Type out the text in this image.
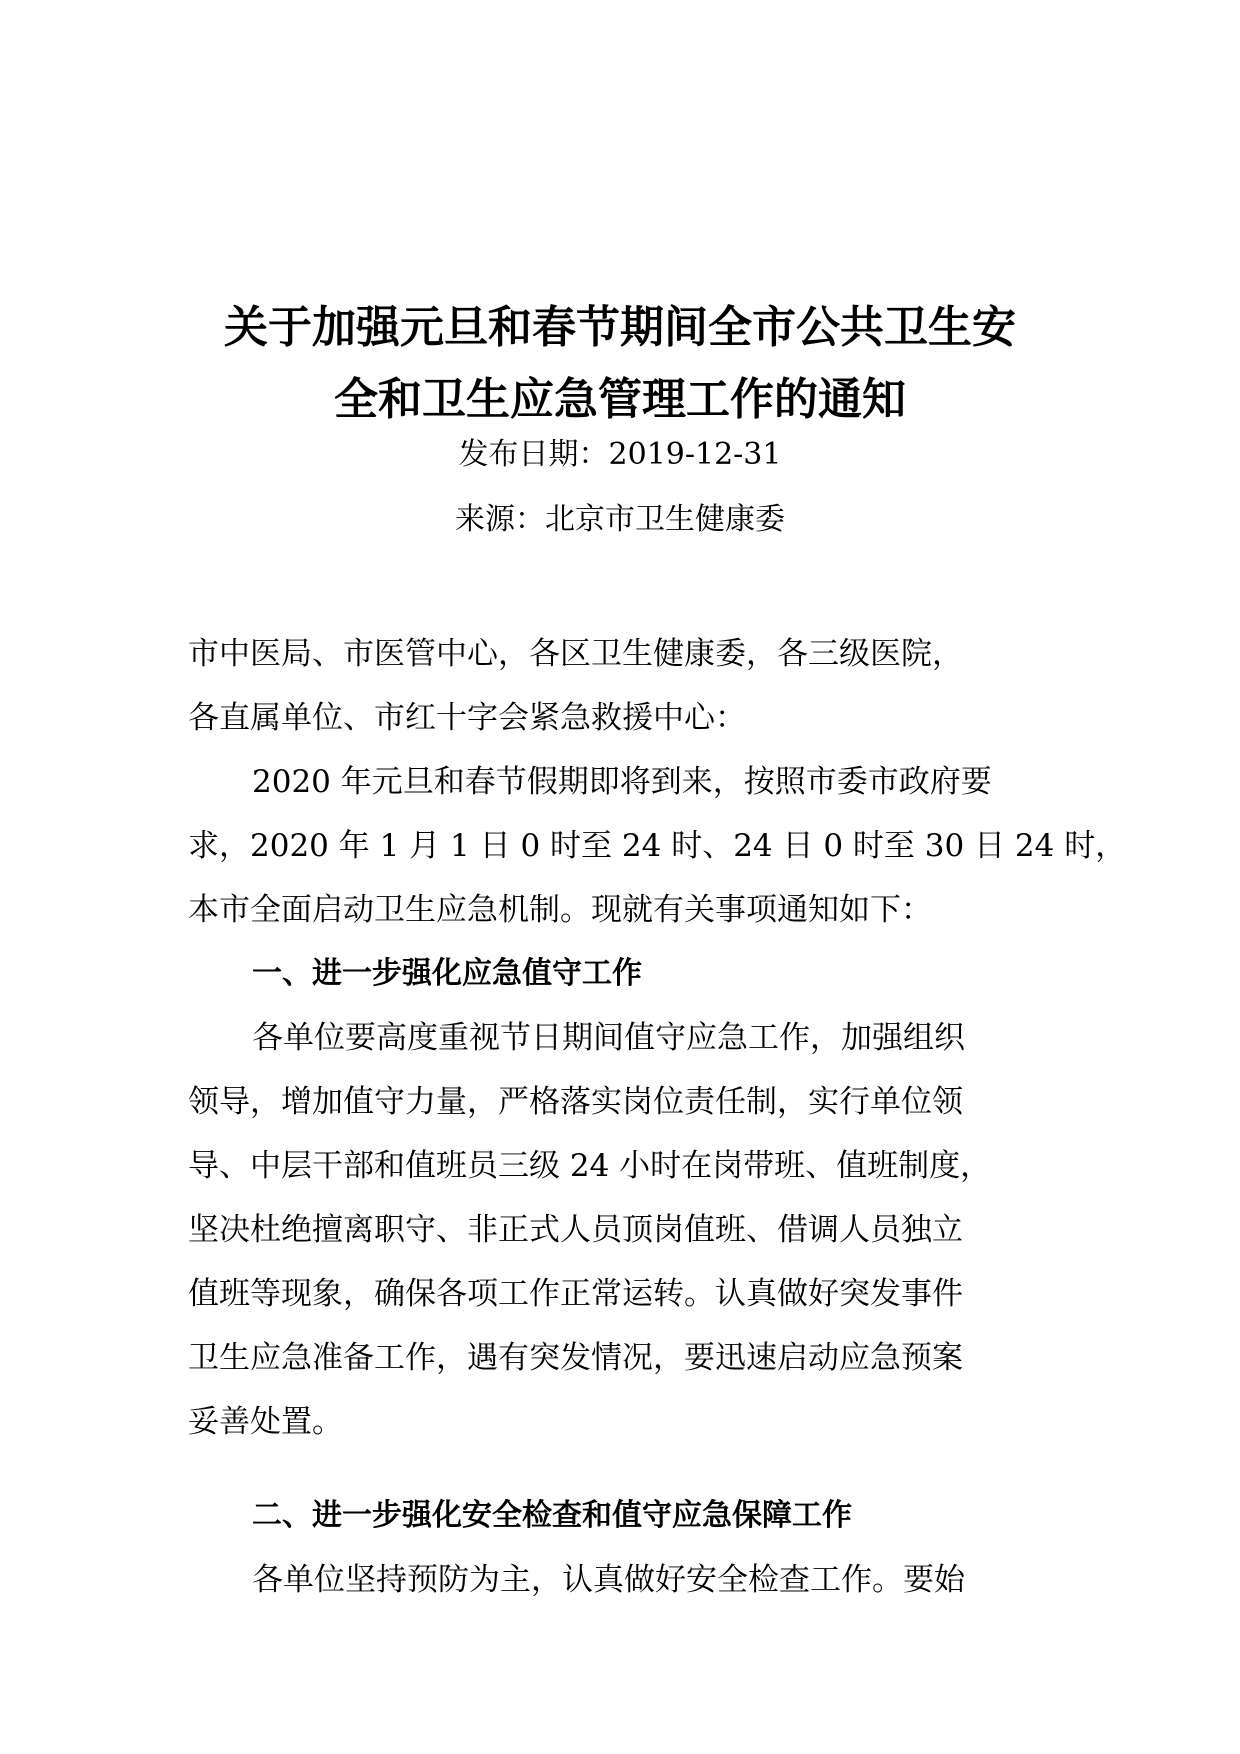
关于加强元旦和春节期间全市公共卫生安
全和卫生应急管理工作的通知

发布日期：2019-12-31

来源：北京市卫生健康委

市中医局、市医管中心，各区卫生健康委，各三级医院，
各直属单位、市红十字会紧急救援中心：
2020 年元旦和春节假期即将到来，按照市委市政府要
求，2020 年 1 月 1 日 0 时至 24 时、24 日 0 时至 30 日 24 时，
本市全面启动卫生应急机制。现就有关事项通知如下：
一、进一步强化应急值守工作
各单位要高度重视节日期间值守应急工作，加强组织
领导，增加值守力量，严格落实岗位责任制，实行单位领
导、中层干部和值班员三级 24 小时在岗带班、值班制度，
坚决杜绝擅离职守、非正式人员顶岗值班、借调人员独立
值班等现象，确保各项工作正常运转。认真做好突发事件
卫生应急准备工作，遇有突发情况，要迅速启动应急预案
妥善处置。
二、进一步强化安全检查和值守应急保障工作
各单位坚持预防为主，认真做好安全检查工作。要始
